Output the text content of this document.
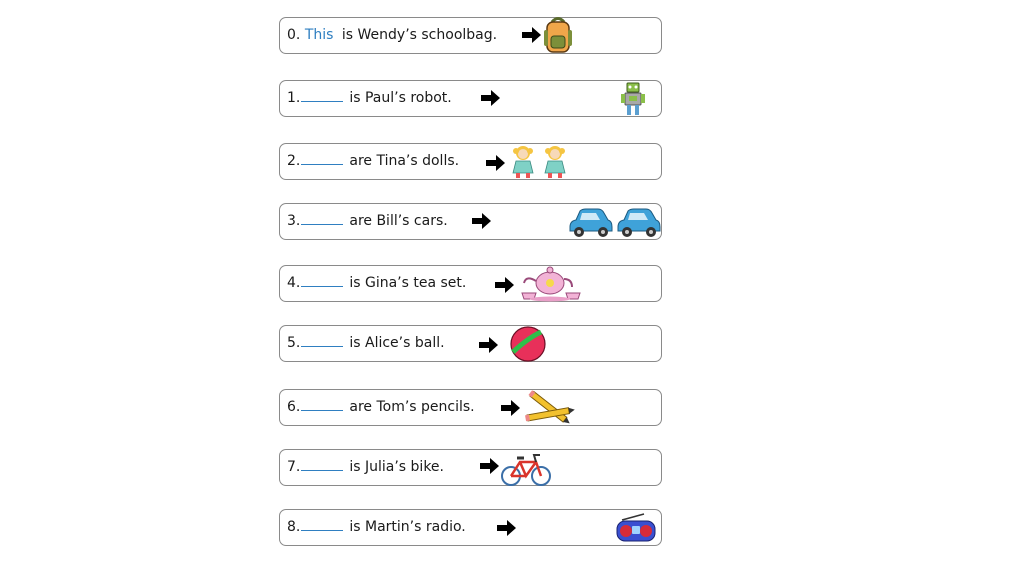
0. This is Wendy’s schoolbag.
1.	is Paul’s robot.
2.	are Tina’s dolls.
3.	are Bill’s cars.
4.	is Gina’s tea set.
5.	is Alice’s ball.
6.	are Tom’s pencils.
7.	is Julia’s bike.
8.	is Martin’s radio.
